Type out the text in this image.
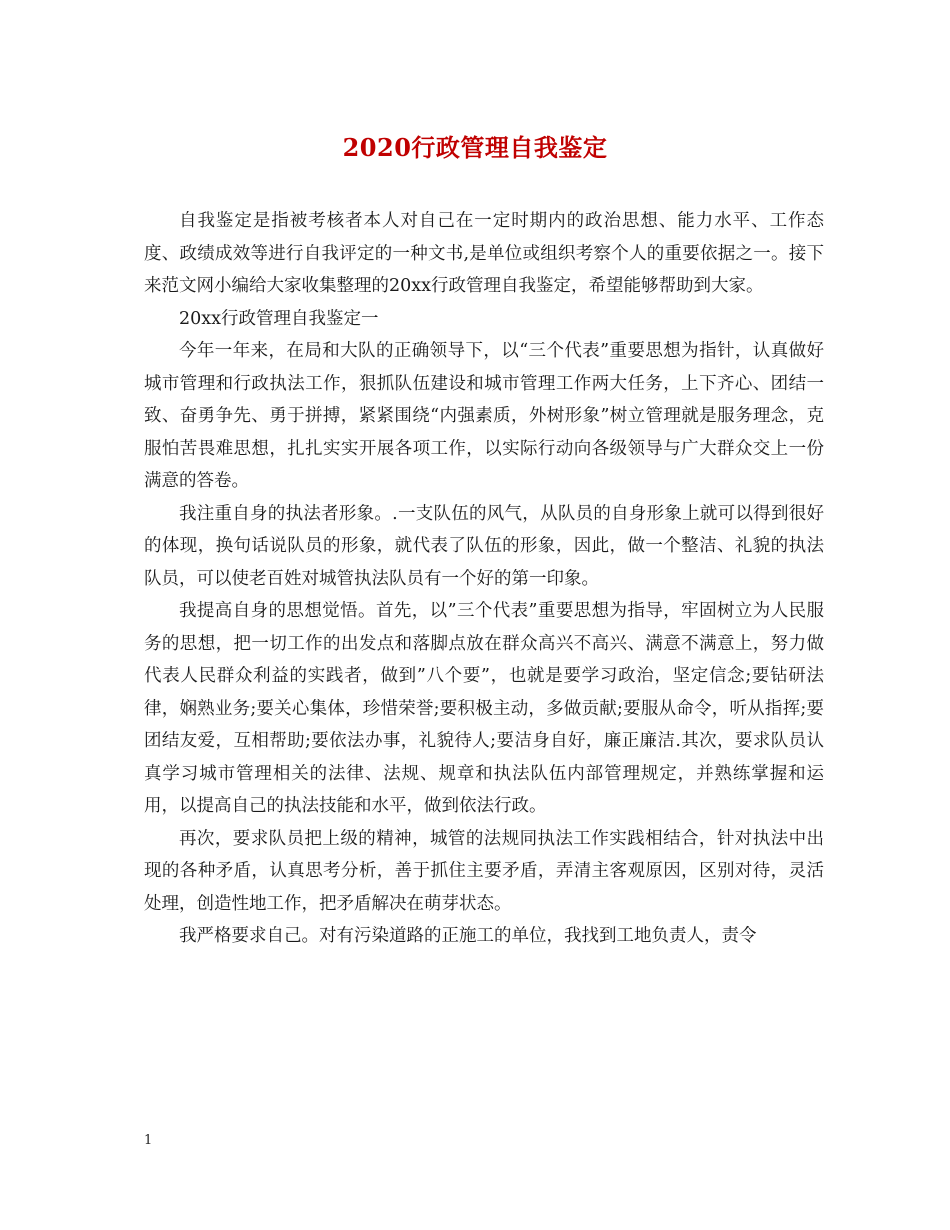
2020行政管理自我鉴定

自我鉴定是指被考核者本人对自己在一定时期内的政治思想、能力水平、工作态度、政绩成效等进行自我评定的一种文书,是单位或组织考察个人的重要依据之一。接下来范文网小编给大家收集整理的20xx行政管理自我鉴定，希望能够帮助到大家。

20xx行政管理自我鉴定一

今年一年来，在局和大队的正确领导下，以“三个代表”重要思想为指针，认真做好城市管理和行政执法工作，狠抓队伍建设和城市管理工作两大任务，上下齐心、团结一致、奋勇争先、勇于拼搏，紧紧围绕“内强素质，外树形象”树立管理就是服务理念，克服怕苦畏难思想，扎扎实实开展各项工作，以实际行动向各级领导与广大群众交上一份满意的答卷。

我注重自身的执法者形象。.一支队伍的风气，从队员的自身形象上就可以得到很好的体现，换句话说队员的形象，就代表了队伍的形象，因此，做一个整洁、礼貌的执法队员，可以使老百姓对城管执法队员有一个好的第一印象。

我提高自身的思想觉悟。首先，以”三个代表”重要思想为指导，牢固树立为人民服务的思想，把一切工作的出发点和落脚点放在群众高兴不高兴、满意不满意上，努力做代表人民群众利益的实践者，做到”八个要”，也就是要学习政治，坚定信念;要钻研法律，娴熟业务;要关心集体，珍惜荣誉;要积极主动，多做贡献;要服从命令，听从指挥;要团结友爱，互相帮助;要依法办事，礼貌待人;要洁身自好，廉正廉洁.其次，要求队员认真学习城市管理相关的法律、法规、规章和执法队伍内部管理规定，并熟练掌握和运用，以提高自己的执法技能和水平，做到依法行政。

再次，要求队员把上级的精神，城管的法规同执法工作实践相结合，针对执法中出现的各种矛盾，认真思考分析，善于抓住主要矛盾，弄清主客观原因，区别对待，灵活处理，创造性地工作，把矛盾解决在萌芽状态。

我严格要求自己。对有污染道路的正施工的单位，我找到工地负责人，责令

1
